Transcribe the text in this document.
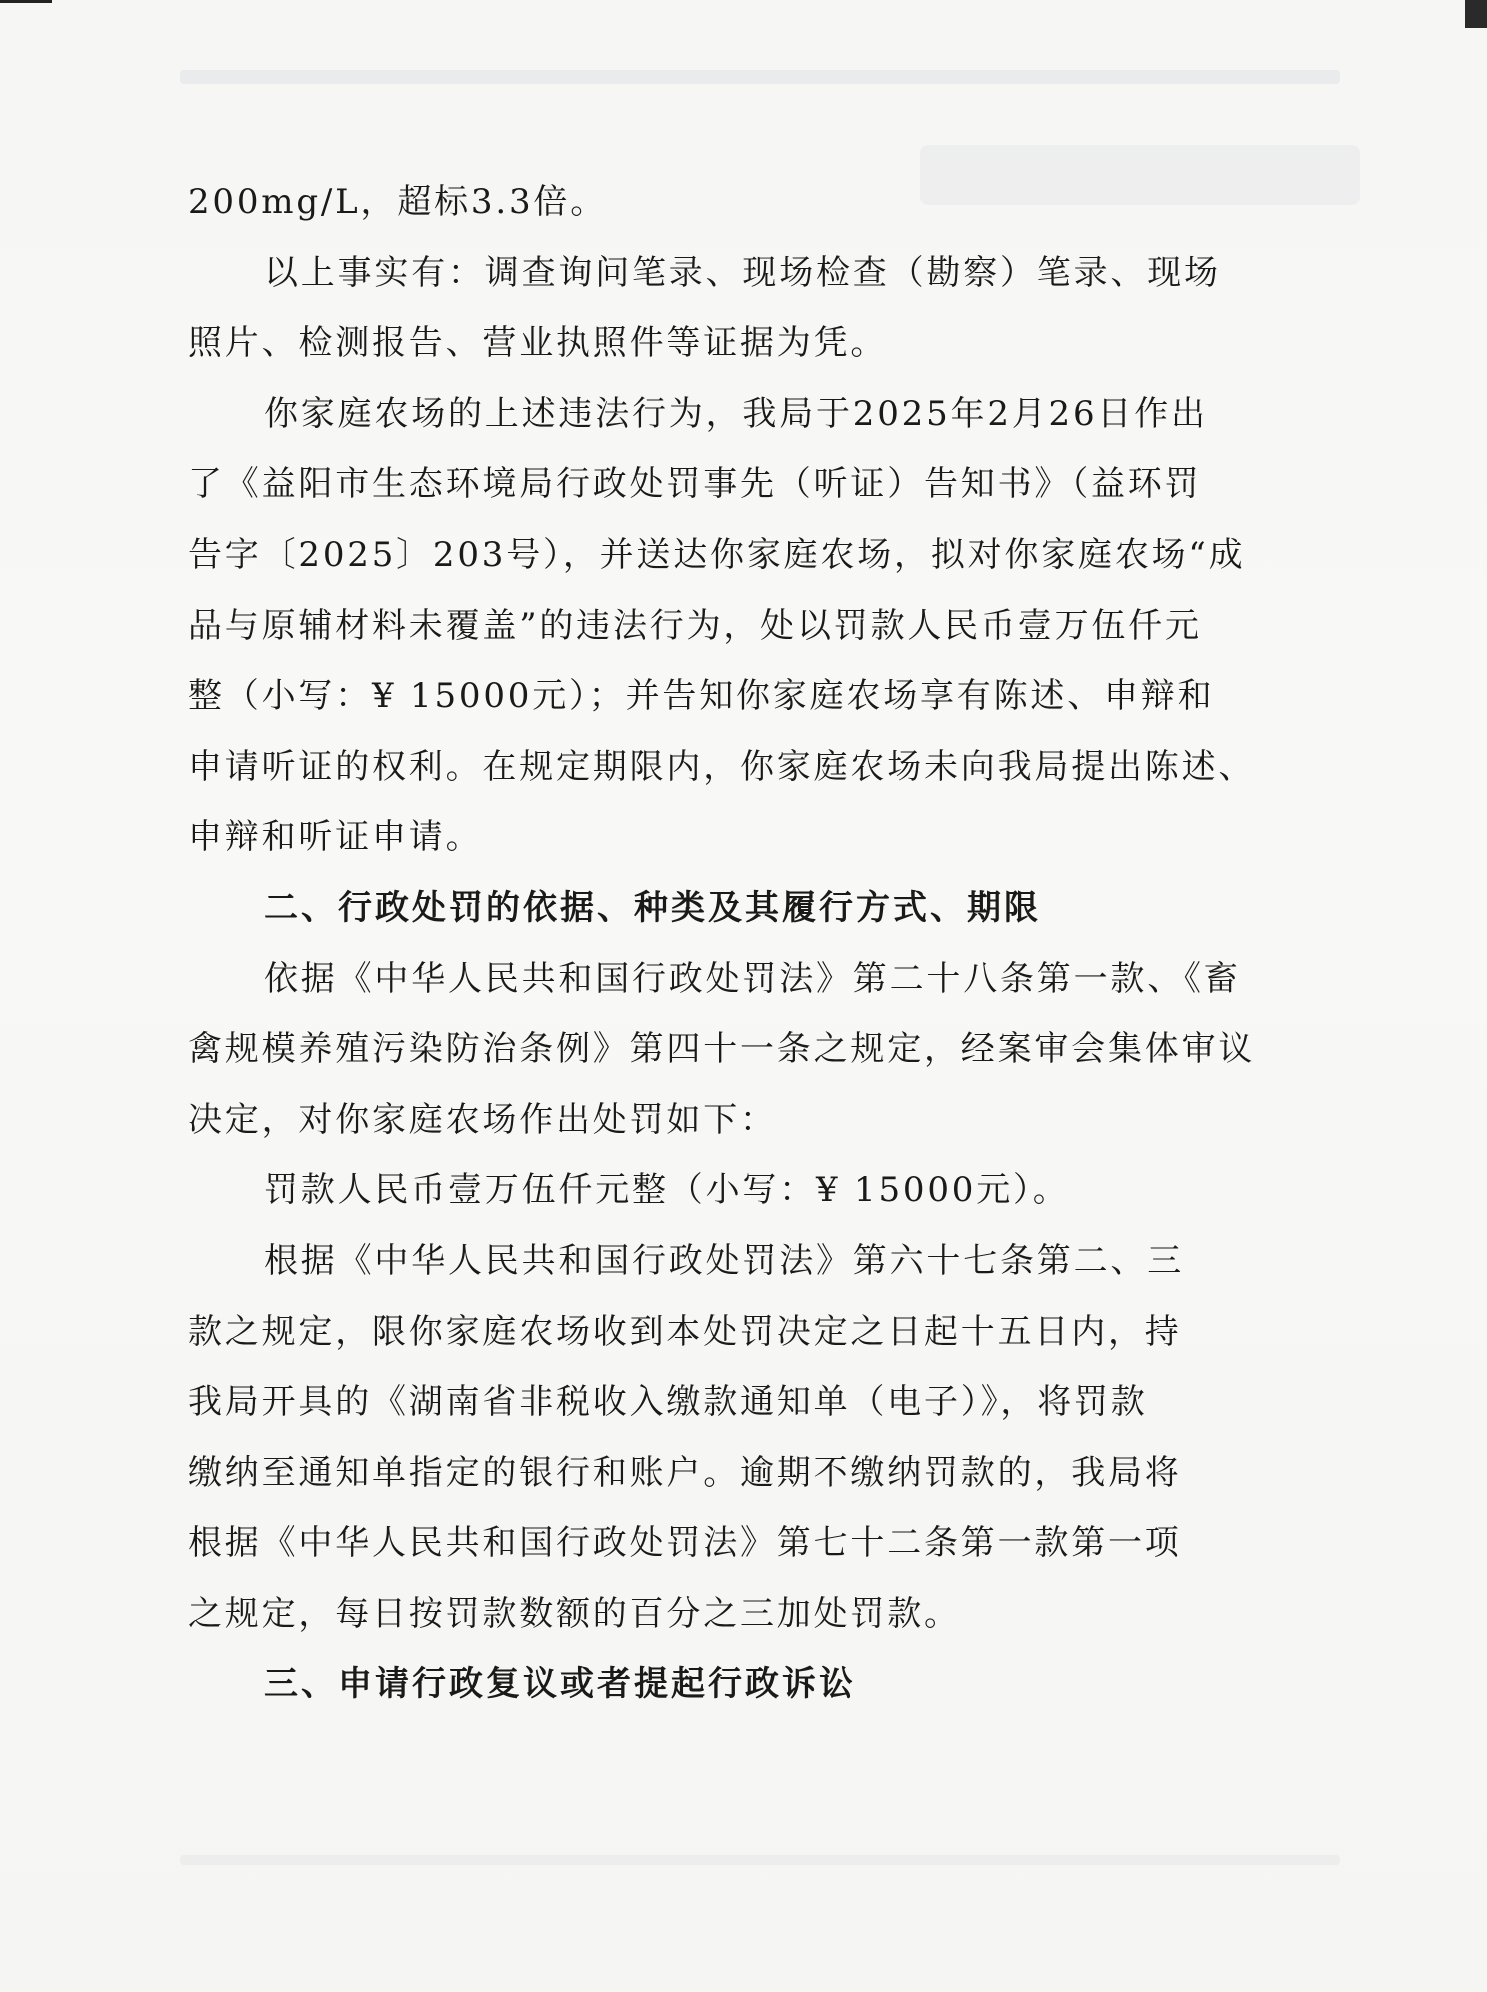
200mg/L，超标3.3倍。
以上事实有：调查询问笔录、现场检查（勘察）笔录、现场
照片、检测报告、营业执照件等证据为凭。
你家庭农场的上述违法行为，我局于2025年2月26日作出
了《益阳市生态环境局行政处罚事先（听证）告知书》（益环罚
告字〔2025〕203号），并送达你家庭农场，拟对你家庭农场“成
品与原辅材料未覆盖”的违法行为，处以罚款人民币壹万伍仟元
整（小写：¥ 15000元）；并告知你家庭农场享有陈述、申辩和
申请听证的权利。在规定期限内，你家庭农场未向我局提出陈述、
申辩和听证申请。
二、行政处罚的依据、种类及其履行方式、期限
依据《中华人民共和国行政处罚法》第二十八条第一款、《畜
禽规模养殖污染防治条例》第四十一条之规定，经案审会集体审议
决定，对你家庭农场作出处罚如下：
罚款人民币壹万伍仟元整（小写：¥ 15000元）。
根据《中华人民共和国行政处罚法》第六十七条第二、三
款之规定，限你家庭农场收到本处罚决定之日起十五日内，持
我局开具的《湖南省非税收入缴款通知单（电子）》，将罚款
缴纳至通知单指定的银行和账户。逾期不缴纳罚款的，我局将
根据《中华人民共和国行政处罚法》第七十二条第一款第一项
之规定，每日按罚款数额的百分之三加处罚款。
三、申请行政复议或者提起行政诉讼
